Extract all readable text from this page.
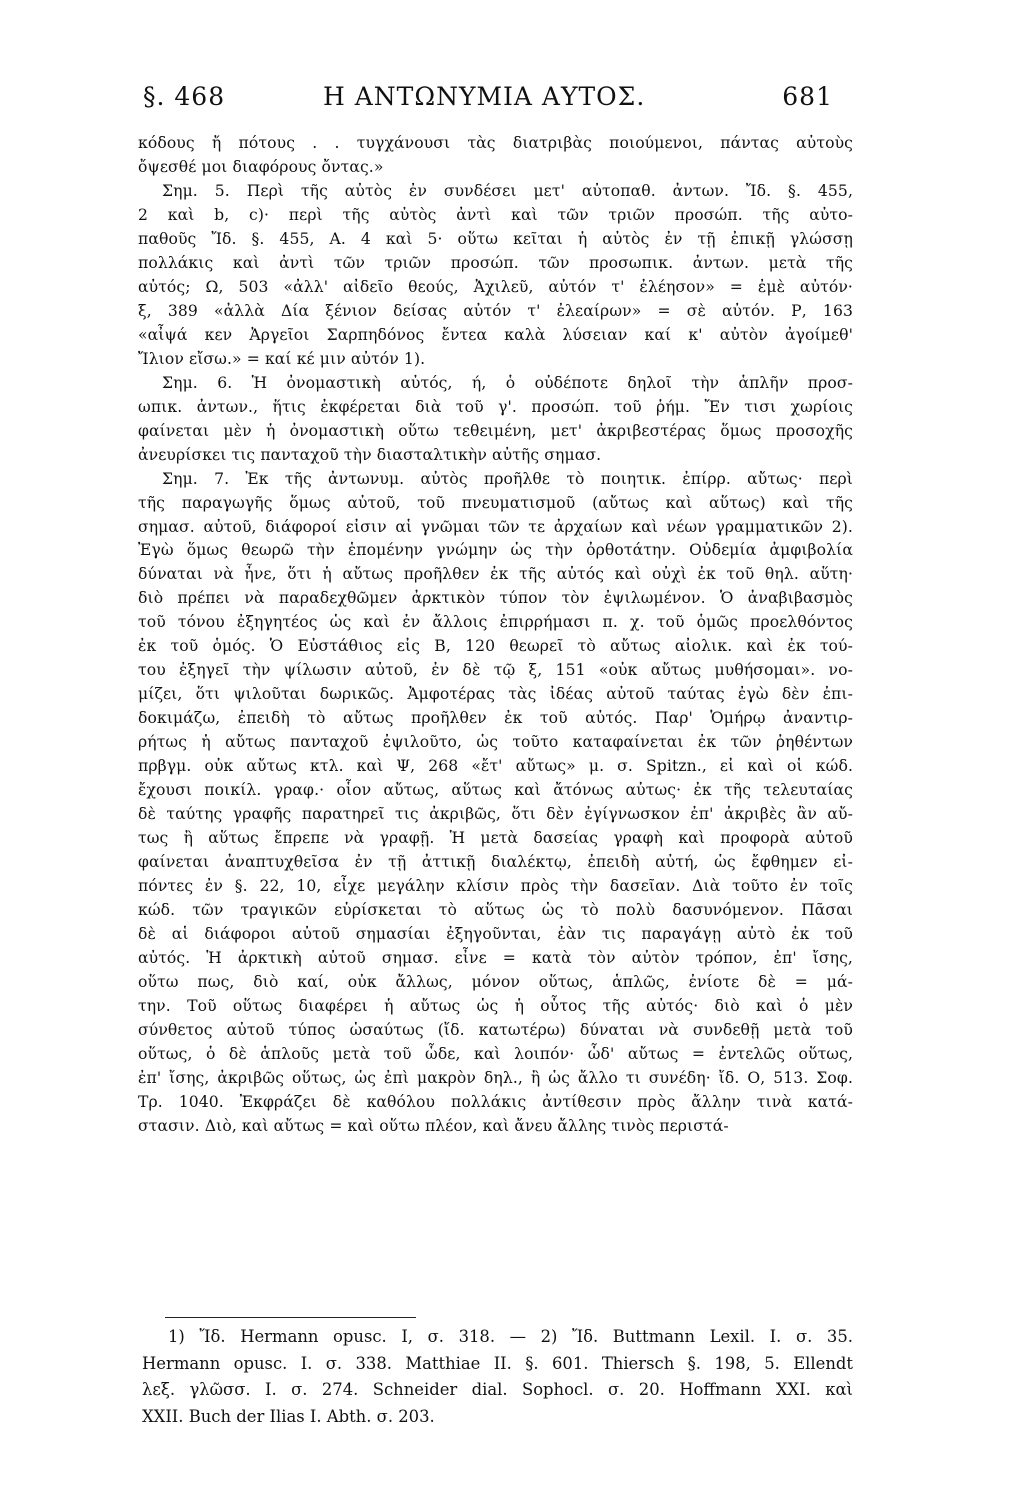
§. 468	Η ΑΝΤΩΝΥΜΙΑ ΑΥΤΟΣ.	681
κόδους ἤ πότους . . τυγχάνουσι τὰς διατριβὰς ποιούμενοι, πάντας αὐτοὺς
ὄψεσθέ μοι διαφόρους ὄντας.»
Σημ. 5. Περὶ τῆς αὐτὸς ἐν συνδέσει μετ' αὐτοπαθ. ἀντων. Ἴδ. §. 455,
2 καὶ b, c)· περὶ τῆς αὐτὸς ἀντὶ καὶ τῶν τριῶν προσώπ. τῆς αὐτο-
παθοῦς Ἴδ. §. 455, Α. 4 καὶ 5· οὕτω κεῖται ἡ αὐτὸς ἐν τῇ ἐπικῇ γλώσσῃ
πολλάκις καὶ ἀντὶ τῶν τριῶν προσώπ. τῶν προσωπικ. ἀντων. μετὰ τῆς
αὐτός; Ω, 503 «ἀλλ' αἰδεῖο θεούς, Ἀχιλεῦ, αὐτόν τ' ἐλέησον» = ἐμὲ αὐτόν·
ξ, 389 «ἀλλὰ Δία ξένιον δείσας αὐτόν τ' ἐλεαίρων» = σὲ αὐτόν. Ρ, 163
«αἶψά κεν Ἀργεῖοι Σαρπηδόνος ἔντεα καλὰ λύσειαν καί κ' αὐτὸν ἀγοίμεθ'
Ἴλιον εἴσω.» = καί κέ μιν αὐτόν 1).
Σημ. 6. Ἡ ὀνομαστικὴ αὐτός, ή, ὁ οὐδέποτε δηλοῖ τὴν ἁπλῆν προσ-
ωπικ. ἀντων., ἥτις ἐκφέρεται διὰ τοῦ γ'. προσώπ. τοῦ ῥήμ. Ἔν τισι χωρίοις
φαίνεται μὲν ἡ ὀνομαστικὴ οὕτω τεθειμένη, μετ' ἀκριβεστέρας ὅμως προσοχῆς
ἀνευρίσκει τις πανταχοῦ τὴν διασταλτικὴν αὐτῆς σημασ.
Σημ. 7. Ἐκ τῆς ἀντωνυμ. αὐτὸς προῆλθε τὸ ποιητικ. ἐπίρρ. αὔτως· περὶ
τῆς παραγωγῆς ὅμως αὐτοῦ, τοῦ πνευματισμοῦ (αὔτως καὶ αὕτως) καὶ τῆς
σημασ. αὐτοῦ, διάφοροί εἰσιν αἱ γνῶμαι τῶν τε ἀρχαίων καὶ νέων γραμματικῶν 2).
Ἐγὼ ὅμως θεωρῶ τὴν ἑπομένην γνώμην ὡς τὴν ὀρθοτάτην. Οὐδεμία ἀμφιβολία
δύναται νὰ ἦνε, ὅτι ἡ αὔτως προῆλθεν ἐκ τῆς αὐτός καὶ οὐχὶ ἐκ τοῦ θηλ. αὕτη·
διὸ πρέπει νὰ παραδεχθῶμεν ἀρκτικὸν τύπον τὸν ἐψιλωμένον. Ὁ ἀναβιβασμὸς
τοῦ τόνου ἐξηγητέος ὡς καὶ ἐν ἄλλοις ἐπιρρήμασι π. χ. τοῦ ὁμῶς προελθόντος
ἐκ τοῦ ὁμός. Ὁ Εὐστάθιος εἰς Β, 120 θεωρεῖ τὸ αὔτως αἰολικ. καὶ ἐκ τού-
του ἐξηγεῖ τὴν ψίλωσιν αὐτοῦ, ἐν δὲ τῷ ξ, 151 «οὐκ αὔτως μυθήσομαι». νο-
μίζει, ὅτι ψιλοῦται δωρικῶς. Ἀμφοτέρας τὰς ἰδέας αὐτοῦ ταύτας ἐγὼ δὲν ἐπι-
δοκιμάζω, ἐπειδὴ τὸ αὔτως προῆλθεν ἐκ τοῦ αὐτός. Παρ' Ὁμήρῳ ἀναντιρ-
ρήτως ἡ αὔτως πανταχοῦ ἐψιλοῦτο, ὡς τοῦτο καταφαίνεται ἐκ τῶν ῥηθέντων
πρβγμ. οὐκ αὔτως κτλ. καὶ Ψ, 268 «ἔτ' αὔτως» μ. σ. Spitzn., εἰ καὶ οἱ κώδ.
ἔχουσι ποικίλ. γραφ.· οἷον αὔτως, αὕτως καὶ ἄτόνως αὐτως· ἐκ τῆς τελευταίας
δὲ ταύτης γραφῆς παρατηρεῖ τις ἀκριβῶς, ὅτι δὲν ἐγίγνωσκον ἐπ' ἀκριβὲς ἂν αὔ-
τως ἢ αὕτως ἔπρεπε νὰ γραφῇ. Ἡ μετὰ δασείας γραφὴ καὶ προφορὰ αὐτοῦ
φαίνεται ἀναπτυχθεῖσα ἐν τῇ ἀττικῇ διαλέκτῳ, ἐπειδὴ αὐτή, ὡς ἔφθημεν εἰ-
πόντες ἐν §. 22, 10, εἶχε μεγάλην κλίσιν πρὸς τὴν δασεῖαν. Διὰ τοῦτο ἐν τοῖς
κώδ. τῶν τραγικῶν εὑρίσκεται τὸ αὕτως ὡς τὸ πολὺ δασυνόμενον. Πᾶσαι
δὲ αἱ διάφοροι αὐτοῦ σημασίαι ἐξηγοῦνται, ἐὰν τις παραγάγῃ αὐτὸ ἐκ τοῦ
αὐτός. Ἡ ἀρκτικὴ αὐτοῦ σημασ. εἶνε = κατὰ τὸν αὐτὸν τρόπον, ἐπ' ἴσης,
οὕτω πως, διὸ καί, οὐκ ἄλλως, μόνον οὕτως, ἁπλῶς, ἐνίοτε δὲ = μά-
την. Τοῦ οὕτως διαφέρει ἡ αὔτως ὡς ἡ οὗτος τῆς αὐτός· διὸ καὶ ὁ μὲν
σύνθετος αὐτοῦ τύπος ὡσαύτως (ἴδ. κατωτέρω) δύναται νὰ συνδεθῇ μετὰ τοῦ
οὕτως, ὁ δὲ ἁπλοῦς μετὰ τοῦ ὧδε, καὶ λοιπόν· ὧδ' αὔτως = ἐντελῶς οὕτως,
ἐπ' ἴσης, ἀκριβῶς οὕτως, ὡς ἐπὶ μακρὸν δηλ., ἢ ὡς ἄλλο τι συνέδη· ἴδ. Ο, 513. Σοφ.
Τρ. 1040. Ἐκφράζει δὲ καθόλου πολλάκις ἀντίθεσιν πρὸς ἄλλην τινὰ κατά-
στασιν. Διὸ, καὶ αὔτως = καὶ οὕτω πλέον, καὶ ἄνευ ἄλλης τινὸς περιστά-
1) Ἴδ. Hermann opusc. I, σ. 318. — 2) Ἴδ. Buttmann Lexil. I. σ. 35.
Hermann opusc. I. σ. 338. Matthiae II. §. 601. Thiersch §. 198, 5. Ellendt
λεξ. γλῶσσ. I. σ. 274. Schneider dial. Sophocl. σ. 20. Hoffmann XXI. καὶ
XXII. Buch der Ilias I. Abth. σ. 203.
